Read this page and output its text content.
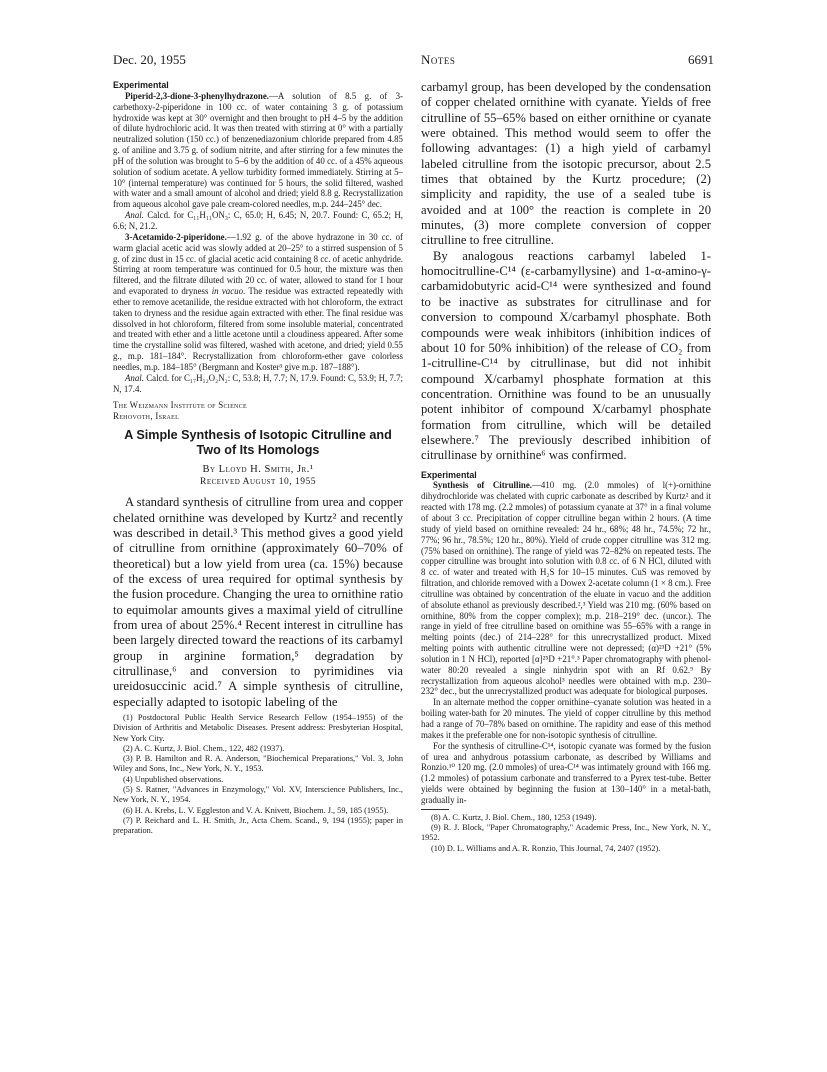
Dec. 20, 1955	Notes	6691
Experimental

Piperid-2,3-dione-3-phenylhydrazone.—A solution of 8.5 g. of 3-carbethoxy-2-piperidone in 100 cc. of water containing 3 g. of potassium hydroxide was kept at 30° overnight and then brought to pH 4–5 by the addition of dilute hydrochloric acid. It was then treated with stirring at 0° with a partially neutralized solution (150 cc.) of benzenediazonium chloride prepared from 4.85 g. of aniline and 3.75 g. of sodium nitrite, and after stirring for a few minutes the pH of the solution was brought to 5–6 by the addition of 40 cc. of a 45% aqueous solution of sodium acetate. A yellow turbidity formed immediately. Stirring at 5–10° (internal temperature) was continued for 5 hours, the solid filtered, washed with water and a small amount of alcohol and dried; yield 8.8 g. Recrystallization from aqueous alcohol gave pale cream-colored needles, m.p. 244–245° dec.

Anal. Calcd. for C₁₁H₁₁ON₃: C, 65.0; H, 6.45; N, 20.7. Found: C, 65.2; H, 6.6; N, 21.2.

3-Acetamido-2-piperidone.—1.92 g. of the above hydrazone in 30 cc. of warm glacial acetic acid was slowly added at 20–25° to a stirred suspension of 5 g. of zinc dust in 15 cc. of glacial acetic acid containing 8 cc. of acetic anhydride. Stirring at room temperature was continued for 0.5 hour, the mixture was then filtered, and the filtrate diluted with 20 cc. of water, allowed to stand for 1 hour and evaporated to dryness in vacuo. The residue was extracted repeatedly with ether to remove acetanilide, the residue extracted with hot chloroform, the extract taken to dryness and the residue again extracted with ether. The final residue was dissolved in hot chloroform, filtered from some insoluble material, concentrated and treated with ether and a little acetone until a cloudiness appeared. After some time the crystalline solid was filtered, washed with acetone, and dried; yield 0.55 g., m.p. 181–184°. Recrystallization from chloroform-ether gave colorless needles, m.p. 184–185° (Bergmann and Koster³ give m.p. 187–188°).

Anal. Calcd. for C₁₇H₁₂O₂N₂: C, 53.8; H, 7.7; N, 17.9. Found: C, 53.9; H, 7.7; N, 17.4.

The Weizmann Institute of Science

Rehovoth, Israel

A Simple Synthesis of Isotopic Citrulline and Two of Its Homologs
By Lloyd H. Smith, Jr.¹
Received August 10, 1955

A standard synthesis of citrulline from urea and copper chelated ornithine was developed by Kurtz² and recently was described in detail.³ This method gives a good yield of citrulline from ornithine (approximately 60–70% of theoretical) but a low yield from urea (ca. 15%) because of the excess of urea required for optimal synthesis by the fusion procedure. Changing the urea to ornithine ratio to equimolar amounts gives a maximal yield of citrulline from urea of about 25%.⁴ Recent interest in citrulline has been largely directed toward the reactions of its carbamyl group in arginine formation,⁵ degradation by citrullinase,⁶ and conversion to pyrimidines via ureidosuccinic acid.⁷ A simple synthesis of citrulline, especially adapted to isotopic labeling of the

(1) Postdoctoral Public Health Service Research Fellow (1954–1955) of the Division of Arthritis and Metabolic Diseases. Present address: Presbyterian Hospital, New York City.
(2) A. C. Kurtz, J. Biol. Chem., 122, 482 (1937).
(3) P. B. Hamilton and R. A. Anderson, "Biochemical Preparations," Vol. 3, John Wiley and Sons, Inc., New York, N. Y., 1953.
(4) Unpublished observations.
(5) S. Ratner, "Advances in Enzymology," Vol. XV, Interscience Publishers, Inc., New York, N. Y., 1954.
(6) H. A. Krebs, L. V. Eggleston and V. A. Knivett, Biochem. J., 59, 185 (1955).
(7) P. Reichard and L. H. Smith, Jr., Acta Chem. Scand., 9, 194 (1955); paper in preparation.

carbamyl group, has been developed by the condensation of copper chelated ornithine with cyanate. Yields of free citrulline of 55–65% based on either ornithine or cyanate were obtained. This method would seem to offer the following advantages: (1) a high yield of carbamyl labeled citrulline from the isotopic precursor, about 2.5 times that obtained by the Kurtz procedure; (2) simplicity and rapidity, the use of a sealed tube is avoided and at 100° the reaction is complete in 20 minutes, (3) more complete conversion of copper citrulline to free citrulline.

By analogous reactions carbamyl labeled 1-homocitrulline-C¹⁴ (ε-carbamyllysine) and 1-α-amino-γ-carbamidobutyric acid-C¹⁴ were synthesized and found to be inactive as substrates for citrullinase and for conversion to compound X/carbamyl phosphate. Both compounds were weak inhibitors (inhibition indices of about 10 for 50% inhibition) of the release of CO₂ from 1-citrulline-C¹⁴ by citrullinase, but did not inhibit compound X/carbamyl phosphate formation at this concentration. Ornithine was found to be an unusually potent inhibitor of compound X/carbamyl phosphate formation from citrulline, which will be detailed elsewhere.⁷ The previously described inhibition of citrullinase by ornithine⁶ was confirmed.

Experimental

Synthesis of Citrulline.—410 mg. (2.0 mmoles) of l(+)-ornithine dihydrochloride was chelated with cupric carbonate as described by Kurtz² and it reacted with 178 mg. (2.2 mmoles) of potassium cyanate at 37° in a final volume of about 3 cc. Precipitation of copper citrulline began within 2 hours. (A time study of yield based on ornithine revealed: 24 hr., 68%; 48 hr., 74.5%; 72 hr., 77%; 96 hr., 78.5%; 120 hr., 80%). Yield of crude copper citrulline was 312 mg. (75% based on ornithine). The range of yield was 72–82% on repeated tests. The copper citrulline was brought into solution with 0.8 cc. of 6 N HCl, diluted with 8 cc. of water and treated with H₂S for 10–15 minutes. CuS was removed by filtration, and chloride removed with a Dowex 2-acetate column (1 × 8 cm.). Free citrulline was obtained by concentration of the eluate in vacuo and the addition of absolute ethanol as previously described.²,³ Yield was 210 mg. (60% based on ornithine, 80% from the copper complex); m.p. 218–219° dec. (uncor.). The range in yield of free citrulline based on ornithine was 55–65% with a range in melting points (dec.) of 214–228° for this unrecrystallized product. Mixed melting points with authentic citrulline were not depressed; (α)²³D +21° (5% solution in 1 N HCl), reported [α]²⁵D +21°.³ Paper chromatography with phenol-water 80:20 revealed a single ninhydrin spot with an Rf 0.62.⁹ By recrystallization from aqueous alcohol³ needles were obtained with m.p. 230–232° dec., but the unrecrystallized product was adequate for biological purposes.

In an alternate method the copper ornithine–cyanate solution was heated in a boiling water-bath for 20 minutes. The yield of copper citrulline by this method had a range of 70–78% based on ornithine. The rapidity and ease of this method makes it the preferable one for non-isotopic synthesis of citrulline.

For the synthesis of citrulline-C¹⁴, isotopic cyanate was formed by the fusion of urea and anhydrous potassium carbonate, as described by Williams and Ronzio.¹⁰ 120 mg. (2.0 mmoles) of urea-C¹⁴ was intimately ground with 166 mg. (1.2 mmoles) of potassium carbonate and transferred to a Pyrex test-tube. Better yields were obtained by beginning the fusion at 130–140° in a metal-bath, gradually in-

(8) A. C. Kurtz, J. Biol. Chem., 180, 1253 (1949).
(9) R. J. Block, "Paper Chromatography," Academic Press, Inc., New York, N. Y., 1952.
(10) D. L. Williams and A. R. Ronzio, This Journal, 74, 2407 (1952).
